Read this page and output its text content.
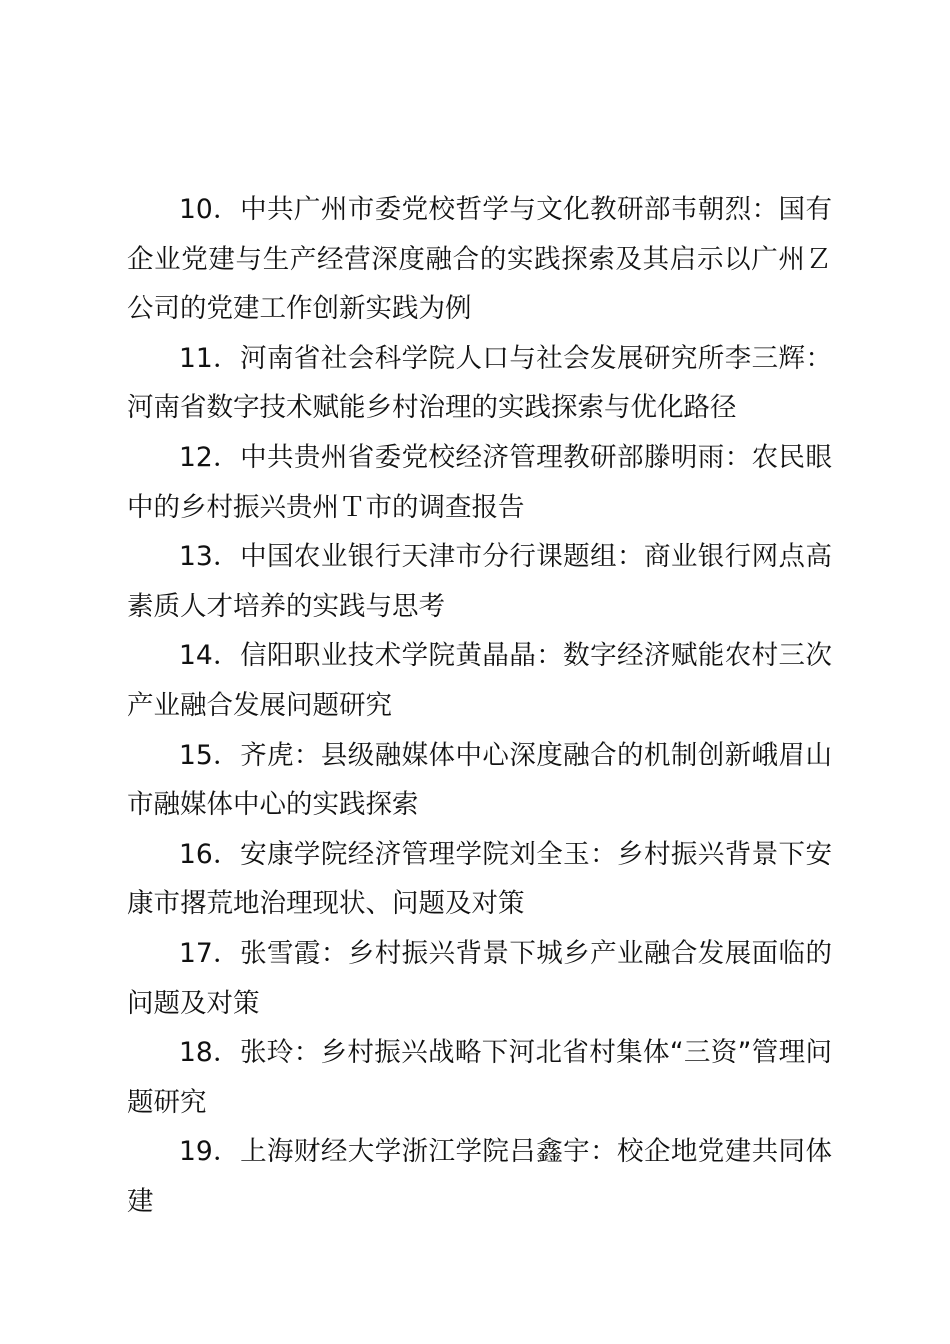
10．中共广州市委党校哲学与文化教研部韦朝烈：国有企业党建与生产经营深度融合的实践探索及其启示以广州Ｚ公司的党建工作创新实践为例

11．河南省社会科学院人口与社会发展研究所李三辉：河南省数字技术赋能乡村治理的实践探索与优化路径

12．中共贵州省委党校经济管理教研部滕明雨：农民眼中的乡村振兴贵州Ｔ市的调查报告

13．中国农业银行天津市分行课题组：商业银行网点高素质人才培养的实践与思考

14．信阳职业技术学院黄晶晶：数字经济赋能农村三次产业融合发展问题研究

15．齐虎：县级融媒体中心深度融合的机制创新峨眉山市融媒体中心的实践探索

16．安康学院经济管理学院刘全玉：乡村振兴背景下安康市撂荒地治理现状、问题及对策

17．张雪霞：乡村振兴背景下城乡产业融合发展面临的问题及对策

18．张玲：乡村振兴战略下河北省村集体“三资”管理问题研究

19．上海财经大学浙江学院吕鑫宇：校企地党建共同体建
